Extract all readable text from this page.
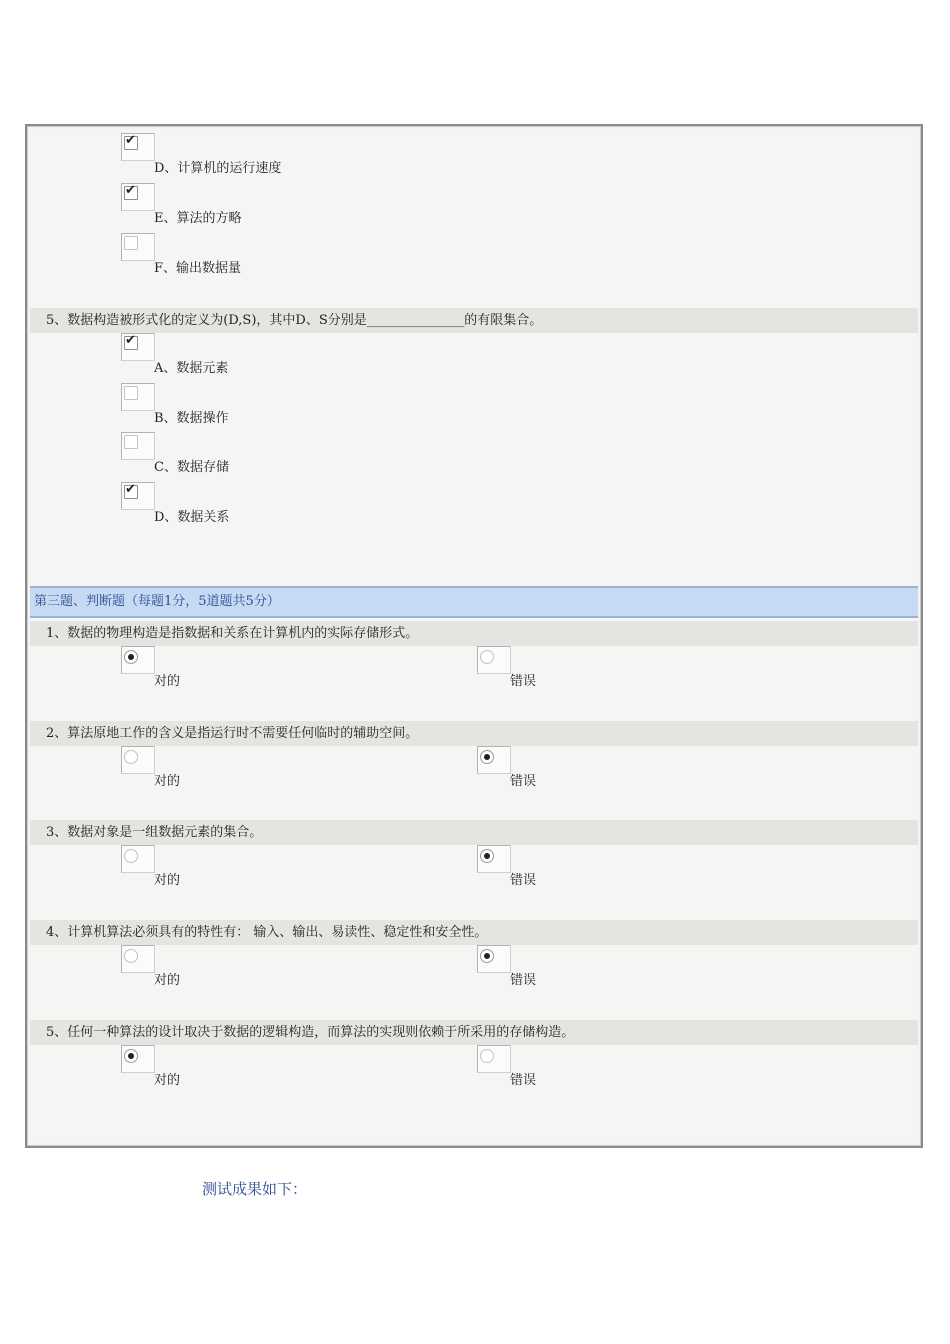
✔
D、计算机的运行速度
✔
E、算法的方略
F、输出数据量
5、数据构造被形式化的定义为(D,S)，其中D、S分别是_______________的有限集合。
✔
A、数据元素
B、数据操作
C、数据存储
✔
D、数据关系
第三题、判断题（每题1分，5道题共5分）
1、数据的物理构造是指数据和关系在计算机内的实际存储形式。
对的	错误
2、算法原地工作的含义是指运行时不需要任何临时的辅助空间。
对的	错误
3、数据对象是一组数据元素的集合。
对的	错误
4、计算机算法必须具有的特性有： 输入、输出、易读性、稳定性和安全性。
对的	错误
5、任何一种算法的设计取决于数据的逻辑构造，而算法的实现则依赖于所采用的存储构造。
对的	错误
测试成果如下：
